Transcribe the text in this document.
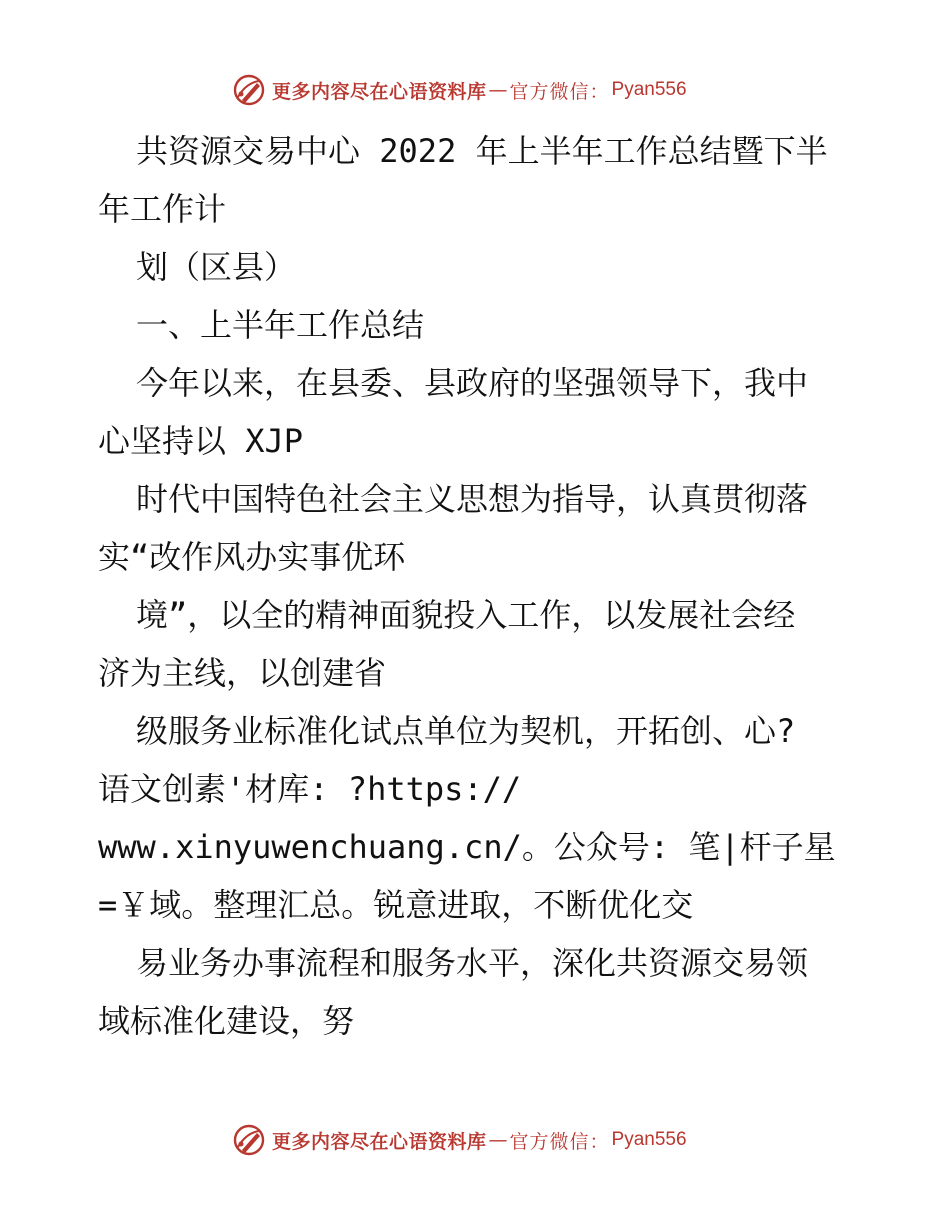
更多内容尽在心语资料库 — 官方微信： Pyan556
共资源交易中心 2022 年上半年工作总结暨下半
年工作计
划（区县）
一、上半年工作总结
今年以来，在县委、县政府的坚强领导下，我中
心坚持以 XJP
时代中国特色社会主义思想为指导，认真贯彻落
实“改作风办实事优环
境”，以全的精神面貌投入工作，以发展社会经
济为主线，以创建省
级服务业标准化试点单位为契机，开拓创、心?
语文创素'材库: ?https://
www.xinyuwenchuang.cn/。公众号: 笔|杆子星
=￥域。整理汇总。锐意进取，不断优化交
易业务办事流程和服务水平，深化共资源交易领
域标准化建设，努
更多内容尽在心语资料库 — 官方微信： Pyan556
